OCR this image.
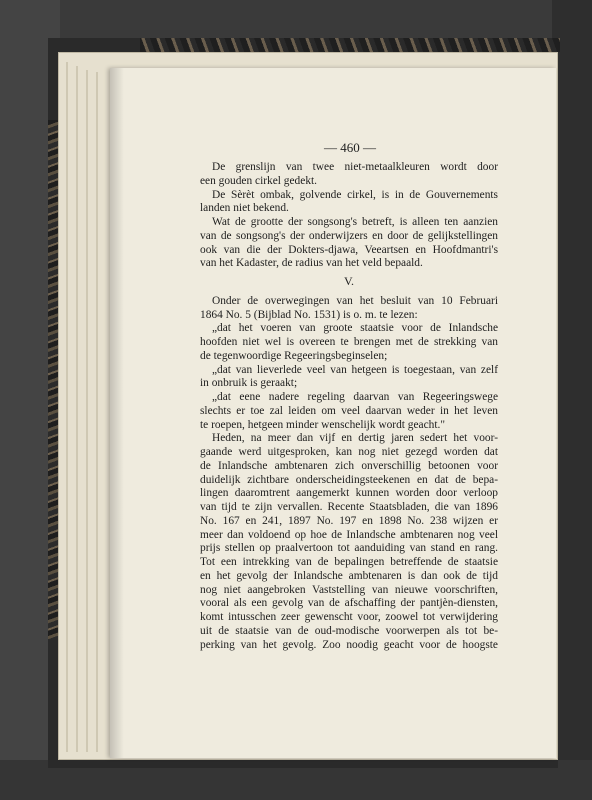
— 460 —
De grenslijn van twee niet-metaalkleuren wordt door
een gouden cirkel gedekt.
De Sèrèt ombak, golvende cirkel, is in de Gouvernements
landen niet bekend.
Wat de grootte der songsong's betreft, is alleen ten aanzien
van de songsong's der onderwijzers en door de gelijkstellingen
ook van die der Dokters-djawa, Veeartsen en Hoofdmantri's
van het Kadaster, de radius van het veld bepaald.
V.
Onder de overwegingen van het besluit van 10 Februari
1864 No. 5 (Bijblad No. 1531) is o. m. te lezen:
„dat het voeren van groote staatsie voor de Inlandsche
hoofden niet wel is overeen te brengen met de strekking van
de tegenwoordige Regeeringsbeginselen;
„dat van lieverlede veel van hetgeen is toegestaan, van zelf
in onbruik is geraakt;
„dat eene nadere regeling daarvan van Regeeringswege
slechts er toe zal leiden om veel daarvan weder in het leven
te roepen, hetgeen minder wenschelijk wordt geacht."
Heden, na meer dan vijf en dertig jaren sedert het voor-
gaande werd uitgesproken, kan nog niet gezegd worden dat
de Inlandsche ambtenaren zich onverschillig betoonen voor
duidelijk zichtbare onderscheidingsteekenen en dat de bepa-
lingen daaromtrent aangemerkt kunnen worden door verloop
van tijd te zijn vervallen. Recente Staatsbladen, die van 1896
No. 167 en 241, 1897 No. 197 en 1898 No. 238 wijzen er
meer dan voldoend op hoe de Inlandsche ambtenaren nog veel
prijs stellen op praalvertoon tot aanduiding van stand en rang.
Tot een intrekking van de bepalingen betreffende de staatsie
en het gevolg der Inlandsche ambtenaren is dan ook de tijd
nog niet aangebroken Vaststelling van nieuwe voorschriften,
vooral als een gevolg van de afschaffing der pantjèn-diensten,
komt intusschen zeer gewenscht voor, zoowel tot verwijdering
uit de staatsie van de oud-modische voorwerpen als tot be-
perking van het gevolg. Zoo noodig geacht voor de hoogste
